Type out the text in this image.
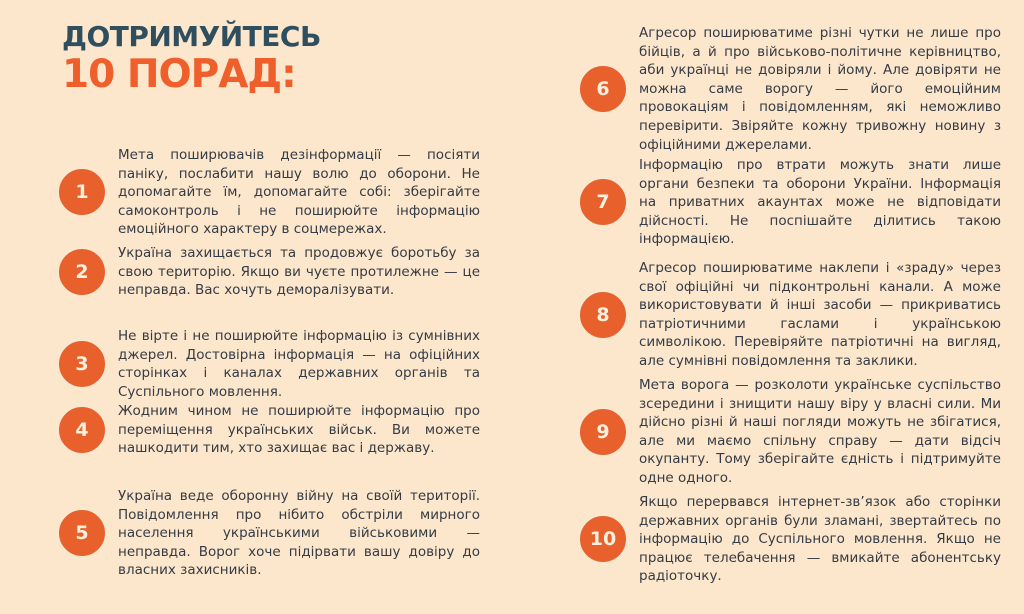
ДОТРИМУЙТЕСЬ
10 ПОРАД:
1
Мета поширювачів дезінформації — посіяти паніку, послабити нашу волю до оборони. Не допомагайте їм, допомагайте собі: зберігайте самоконтроль і не поширюйте інформацію емоційного характеру в соцмережах.
2
Україна захищається та продовжує боротьбу за свою територію. Якщо ви чуєте протилежне — це неправда. Вас хочуть деморалізувати.
3
Не вірте і не поширюйте інформацію із сумнівних джерел. Достовірна інформація — на офіційних сторінках і каналах державних органів та Суспільного мовлення.
4
Жодним чином не поширюйте інформацію про переміщення українських військ. Ви можете нашкодити тим, хто захищає вас і державу.
5
Україна веде оборонну війну на своїй території. Повідомлення про нібито обстріли мирного населення українськими військовими — неправда. Ворог хоче підірвати вашу довіру до власних захисників.
6
Агресор поширюватиме різні чутки не лише про бійців, а й про військово-політичне керівництво, аби українці не довіряли і йому. Але довіряти не можна саме ворогу — його емоційним провокаціям і повідомленням, які неможливо перевірити. Звіряйте кожну тривожну новину з офіційними джерелами.
7
Інформацію про втрати можуть знати лише органи безпеки та оборони України. Інформація на приватних акаунтах може не відповідати дійсності. Не поспішайте ділитись такою інформацією.
8
Агресор поширюватиме наклепи і «зраду» через свої офіційні чи підконтрольні канали. А може використовувати й інші засоби — прикриватись патріотичними гаслами і українською символікою. Перевіряйте патріотичні на вигляд, але сумнівні повідомлення та заклики.
9
Мета ворога — розколоти українське суспільство зсередини і знищити нашу віру у власні сили. Ми дійсно різні й наші погляди можуть не збігатися, але ми маємо спільну справу — дати відсіч окупанту. Тому зберігайте єдність і підтримуйте одне одного.
10
Якщо перервався інтернет-зв’язок або сторінки державних органів були зламані, звертайтесь по інформацію до Суспільного мовлення. Якщо не працює телебачення — вмикайте абонентську радіоточку.
